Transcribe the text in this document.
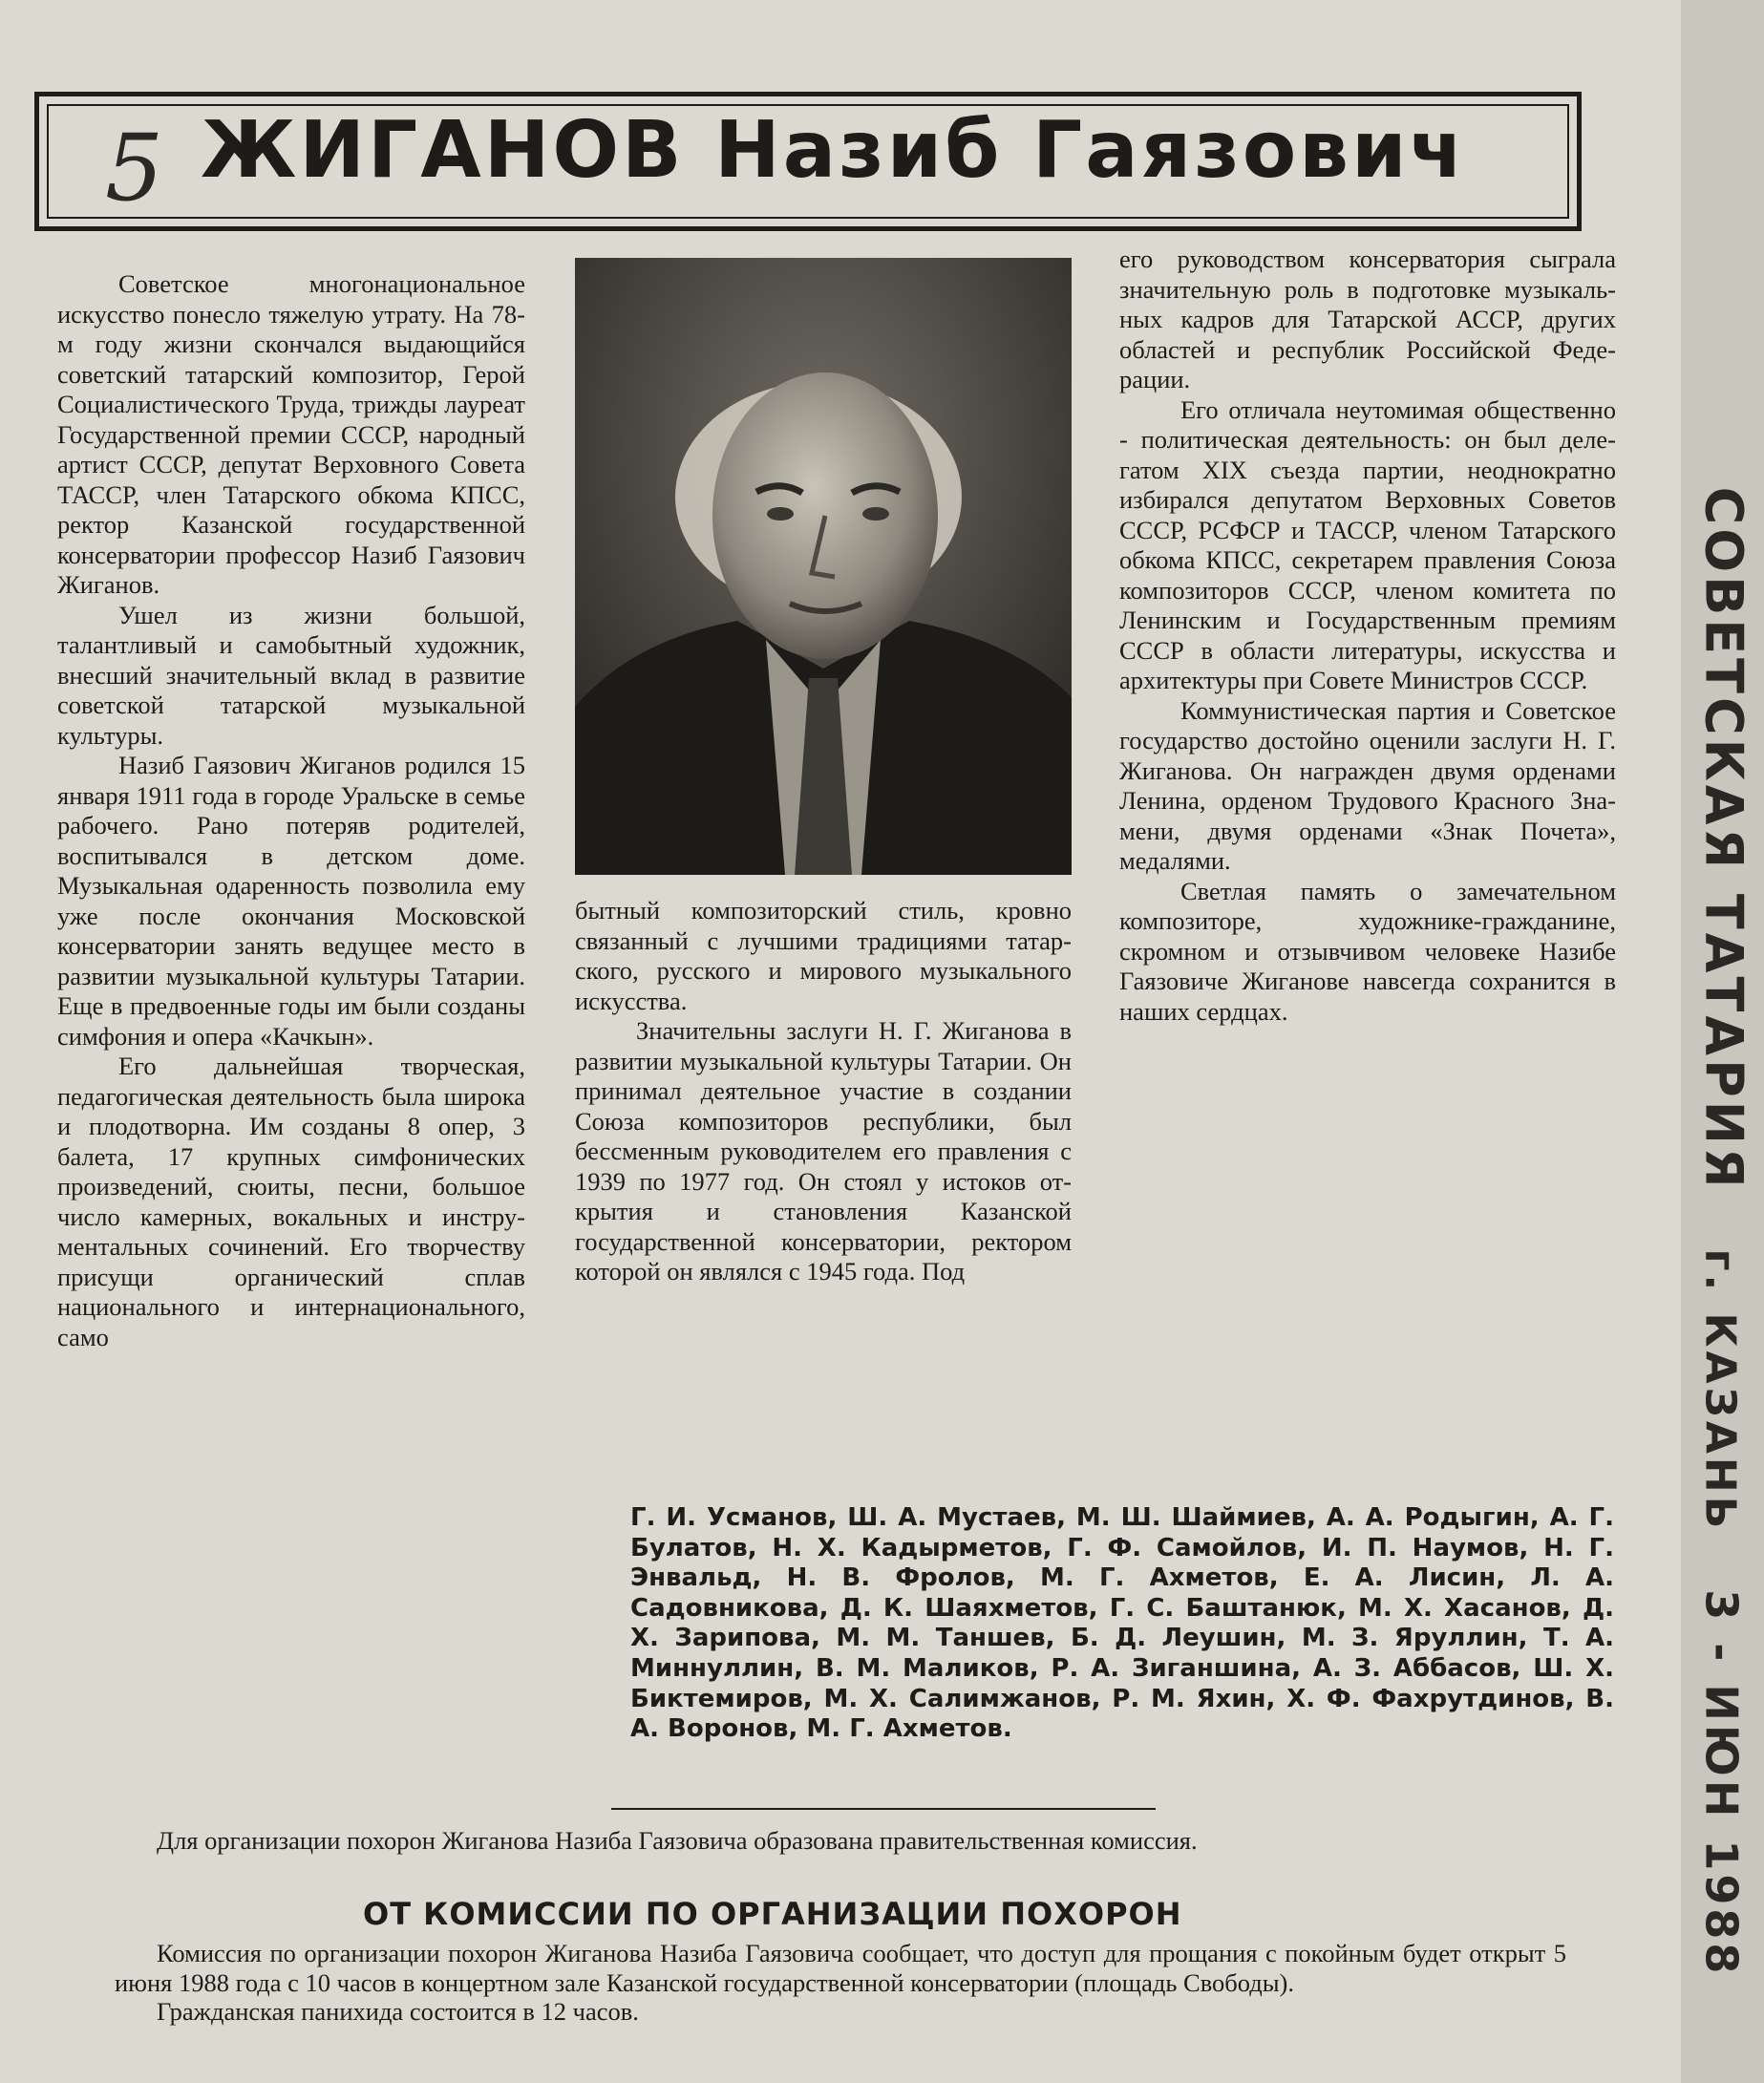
5 ЖИГАНОВ Назиб Гаязович

Советское многонациональное искусство понесло тяжелую утрату. На 78-м году жизни скончался выдающийся советский татарский композитор, Герой Социалистического Труда, трижды лауреат Государственной премии СССР, народный артист СССР, депутат Верховного Совета ТАССР, член Татарского обкома КПСС, ректор Казанской государственной консерватории профессор Назиб Гаязович Жиганов.

Ушел из жизни большой, талантливый и самобытный художник, внесший значительный вклад в развитие советской татарской музыкальной культуры.

Назиб Гаязович Жиганов родился 15 января 1911 года в городе Уральске в семье рабочего. Рано потеряв родителей, воспитывался в детском доме. Музыкальная одаренность позволила ему уже после окончания Московской консерватории занять ведущее место в развитии музыкальной культуры Татарии. Еще в предвоенные годы им были созданы симфония и опера «Качкын».

Его дальнейшая творческая, педагогическая деятельность была широка и плодотворна. Им созданы 8 опер, 3 балета, 17 крупных симфонических произведений, сюиты, песни, большое число камерных, вокальных и инструментальных сочинений. Его творчеству присущи органический сплав национального и интернационального, само

бытный композиторский стиль, кровно связанный с лучшими традициями татарского, русского и мирового музыкального искусства.

Значительны заслуги Н. Г. Жиганова в развитии музыкальной культуры Татарии. Он принимал деятельное участие в создании Союза композиторов республики, был бессменным руководителем его правления с 1939 по 1977 год. Он стоял у истоков открытия и становления Казанской государственной консерватории, ректором которой он являлся с 1945 года. Под

его руководством консерватория сыграла значительную роль в подготовке музыкальных кадров для Татарской АССР, других областей и республик Российской Федерации.

Его отличала неутомимая общественно - политическая деятельность: он был делегатом XIX съезда партии, неоднократно избирался депутатом Верховных Советов СССР, РСФСР и ТАССР, членом Татарского обкома КПСС, секретарем правления Союза композиторов СССР, членом комитета по Ленинским и Государственным премиям СССР в области литературы, искусства и архитектуры при Совете Министров СССР.

Коммунистическая партия и Советское государство достойно оценили заслуги Н. Г. Жиганова. Он награжден двумя орденами Ленина, орденом Трудового Красного Знамени, двумя орденами «Знак Почета», медалями.

Светлая память о замечательном композиторе, художнике-гражданине, скромном и отзывчивом человеке Назибе Гаязовиче Жиганове навсегда сохранится в наших сердцах.

Г. И. Усманов, Ш. А. Мустаев, М. Ш. Шаймиев, А. А. Родыгин, А. Г. Булатов, Н. Х. Кадырметов, Г. Ф. Самойлов, И. П. Наумов, Н. Г. Энвальд, Н. В. Фролов, М. Г. Ахметов, Е. А. Лисин, Л. А. Садовникова, Д. К. Шаяхметов, Г. С. Баштанюк, М. Х. Хасанов, Д. Х. Зарипова, М. М. Таншев, Б. Д. Леушин, М. З. Яруллин, Т. А. Миннуллин, В. М. Маликов, Р. А. Зиганшина, А. З. Аббасов, Ш. Х. Биктемиров, М. Х. Салимжанов, Р. М. Яхин, Х. Ф. Фахрутдинов, В. А. Воронов, М. Г. Ахметов.

Для организации похорон Жиганова Назиба Гаязовича образована правительственная комиссия.

ОТ КОМИССИИ ПО ОРГАНИЗАЦИИ ПОХОРОН

Комиссия по организации похорон Жиганова Назиба Гаязовича сообщает, что доступ для прощания с покойным будет открыт 5 июня 1988 года с 10 часов в концертном зале Казанской государственной консерватории (площадь Свободы).

Гражданская панихида состоится в 12 часов.

СОВЕТСКАЯ ТАТАРИЯ
г. КАЗАНЬ
3 - ИЮН 1988
